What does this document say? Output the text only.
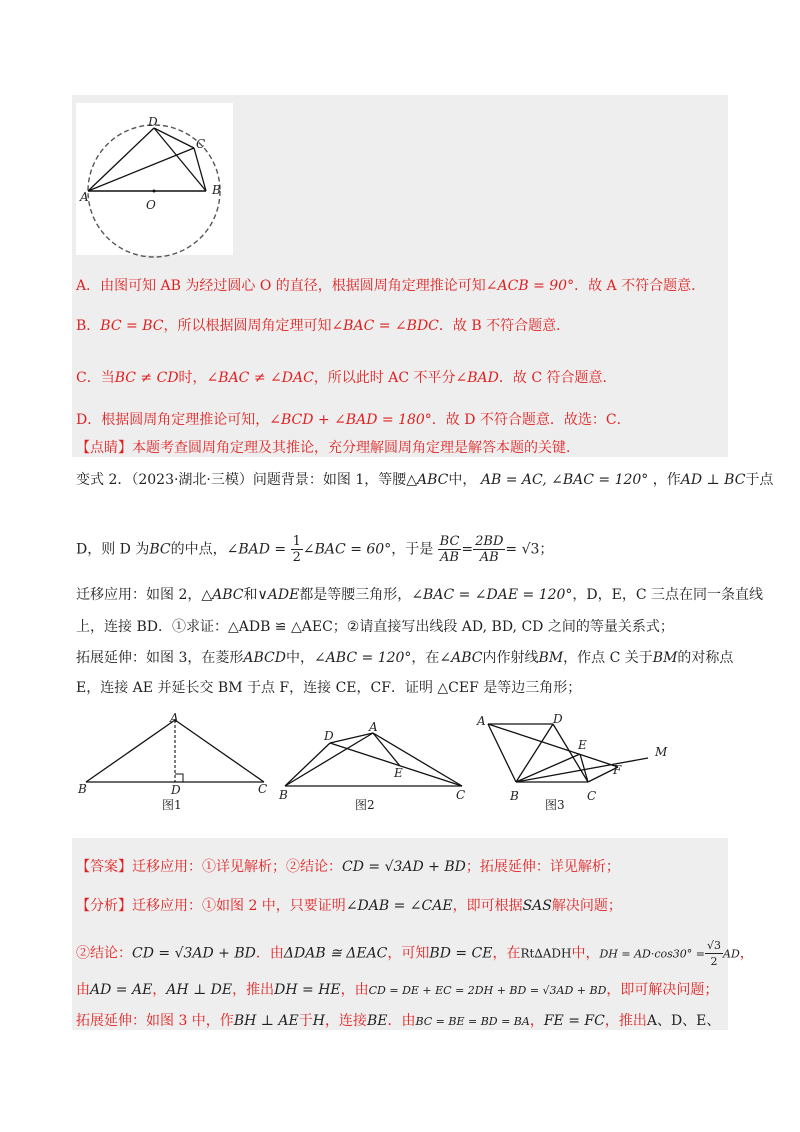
D
C
A	B
O
A．由图可知 AB 为经过圆心 O 的直径，根据圆周角定理推论可知∠ACB = 90°．故 A 不符合题意．
B．BC = BC，所以根据圆周角定理可知∠BAC = ∠BDC．故 B 不符合题意．
C．当BC ≠ CD时，∠BAC ≠ ∠DAC，所以此时 AC 不平分∠BAD．故 C 符合题意．
D．根据圆周角定理推论可知，∠BCD + ∠BAD = 180°．故 D 不符合题意．故选：C．
【点睛】本题考查圆周角定理及其推论，充分理解圆周角定理是解答本题的关键．
变式 2．（2023·湖北·三模）问题背景：如图 1，等腰△ABC中， AB = AC, ∠BAC = 120° ，作AD ⊥ BC于点
D，则 D 为BC的中点，∠BAD = $\frac{1}{2}$ ∠BAC = 60°，于是 $\frac{BC}{AB} = \frac{2BD}{AB} = √3$；
迁移应用：如图 2，△ABC和∨ADE都是等腰三角形，∠BAC = ∠DAE = 120°，D，E，C 三点在同一条直线
上，连接 BD．①求证：△ADB ≌ △AEC；②请直接写出线段 AD, BD, CD 之间的等量关系式；
拓展延伸：如图 3，在菱形ABCD中，∠ABC = 120°，在∠ABC内作射线BM，作点 C 关于BM的对称点
E，连接 AE 并延长交 BM 于点 F，连接 CE，CF．证明 △CEF 是等边三角形；
A
B	C
D
图1
A
D
E
B	C
图2
A	D
E
F
M
B	C
图3
【答案】迁移应用：①详见解析；②结论：CD = √3AD + BD；拓展延伸：详见解析；
【分析】迁移应用：①如图 2 中，只要证明∠DAB = ∠CAE，即可根据SAS解决问题；
②结论：CD = √3AD + BD．由ΔDAB ≅ ΔEAC，可知BD = CE，在Rt∆ADH中，DH = $AD\cdot\cos 30^\circ = \frac{√3}{2}$ AD，
由AD = AE，AH ⊥ DE，推出DH = HE，由CD = DE + EC = 2DH + BD = √3AD + BD，即可解决问题；
拓展延伸：如图 3 中，作BH ⊥ AE于H，连接BE．由BC = BE = BD = BA，FE = FC，推出A、D、E、
